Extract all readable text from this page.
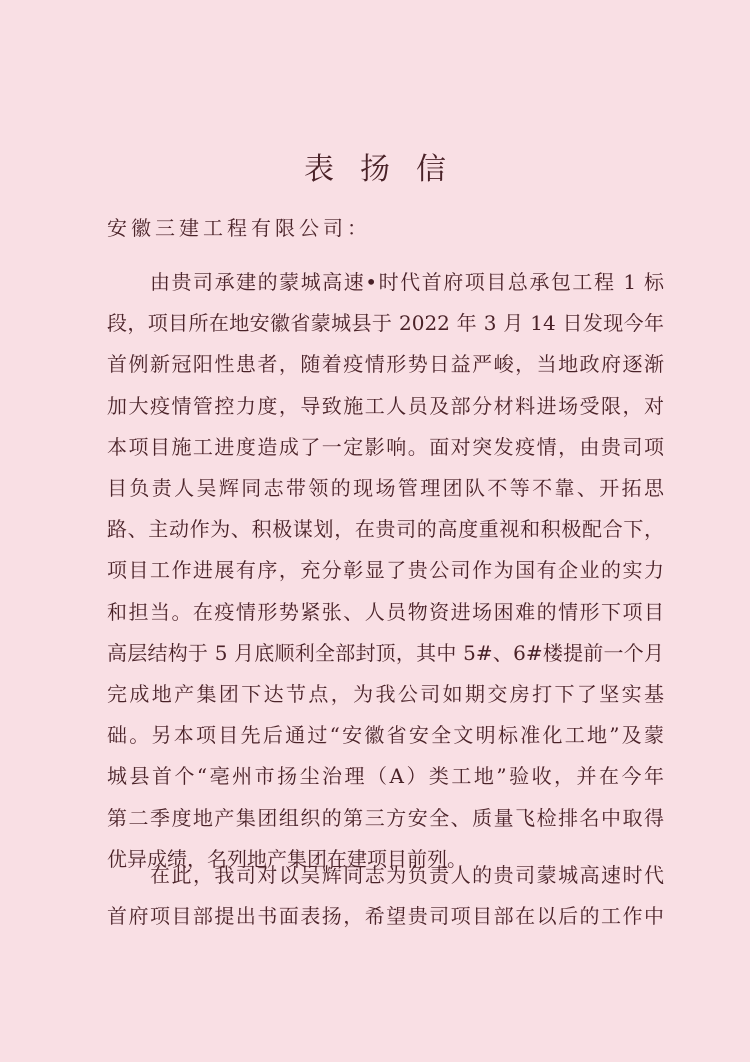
表扬信
安徽三建工程有限公司：
由贵司承建的蒙城高速•时代首府项目总承包工程 1 标
段，项目所在地安徽省蒙城县于 2022 年 3 月 14 日发现今年
首例新冠阳性患者，随着疫情形势日益严峻，当地政府逐渐
加大疫情管控力度，导致施工人员及部分材料进场受限，对
本项目施工进度造成了一定影响。面对突发疫情，由贵司项
目负责人吴辉同志带领的现场管理团队不等不靠、开拓思
路、主动作为、积极谋划，在贵司的高度重视和积极配合下，
项目工作进展有序，充分彰显了贵公司作为国有企业的实力
和担当。在疫情形势紧张、人员物资进场困难的情形下项目
高层结构于 5 月底顺利全部封顶，其中 5#、6#楼提前一个月
完成地产集团下达节点，为我公司如期交房打下了坚实基
础。另本项目先后通过“安徽省安全文明标准化工地”及蒙
城县首个“亳州市扬尘治理（A）类工地”验收，并在今年
第二季度地产集团组织的第三方安全、质量飞检排名中取得
优异成绩，名列地产集团在建项目前列。
在此，我司对以吴辉同志为负责人的贵司蒙城高速时代
首府项目部提出书面表扬，希望贵司项目部在以后的工作中
